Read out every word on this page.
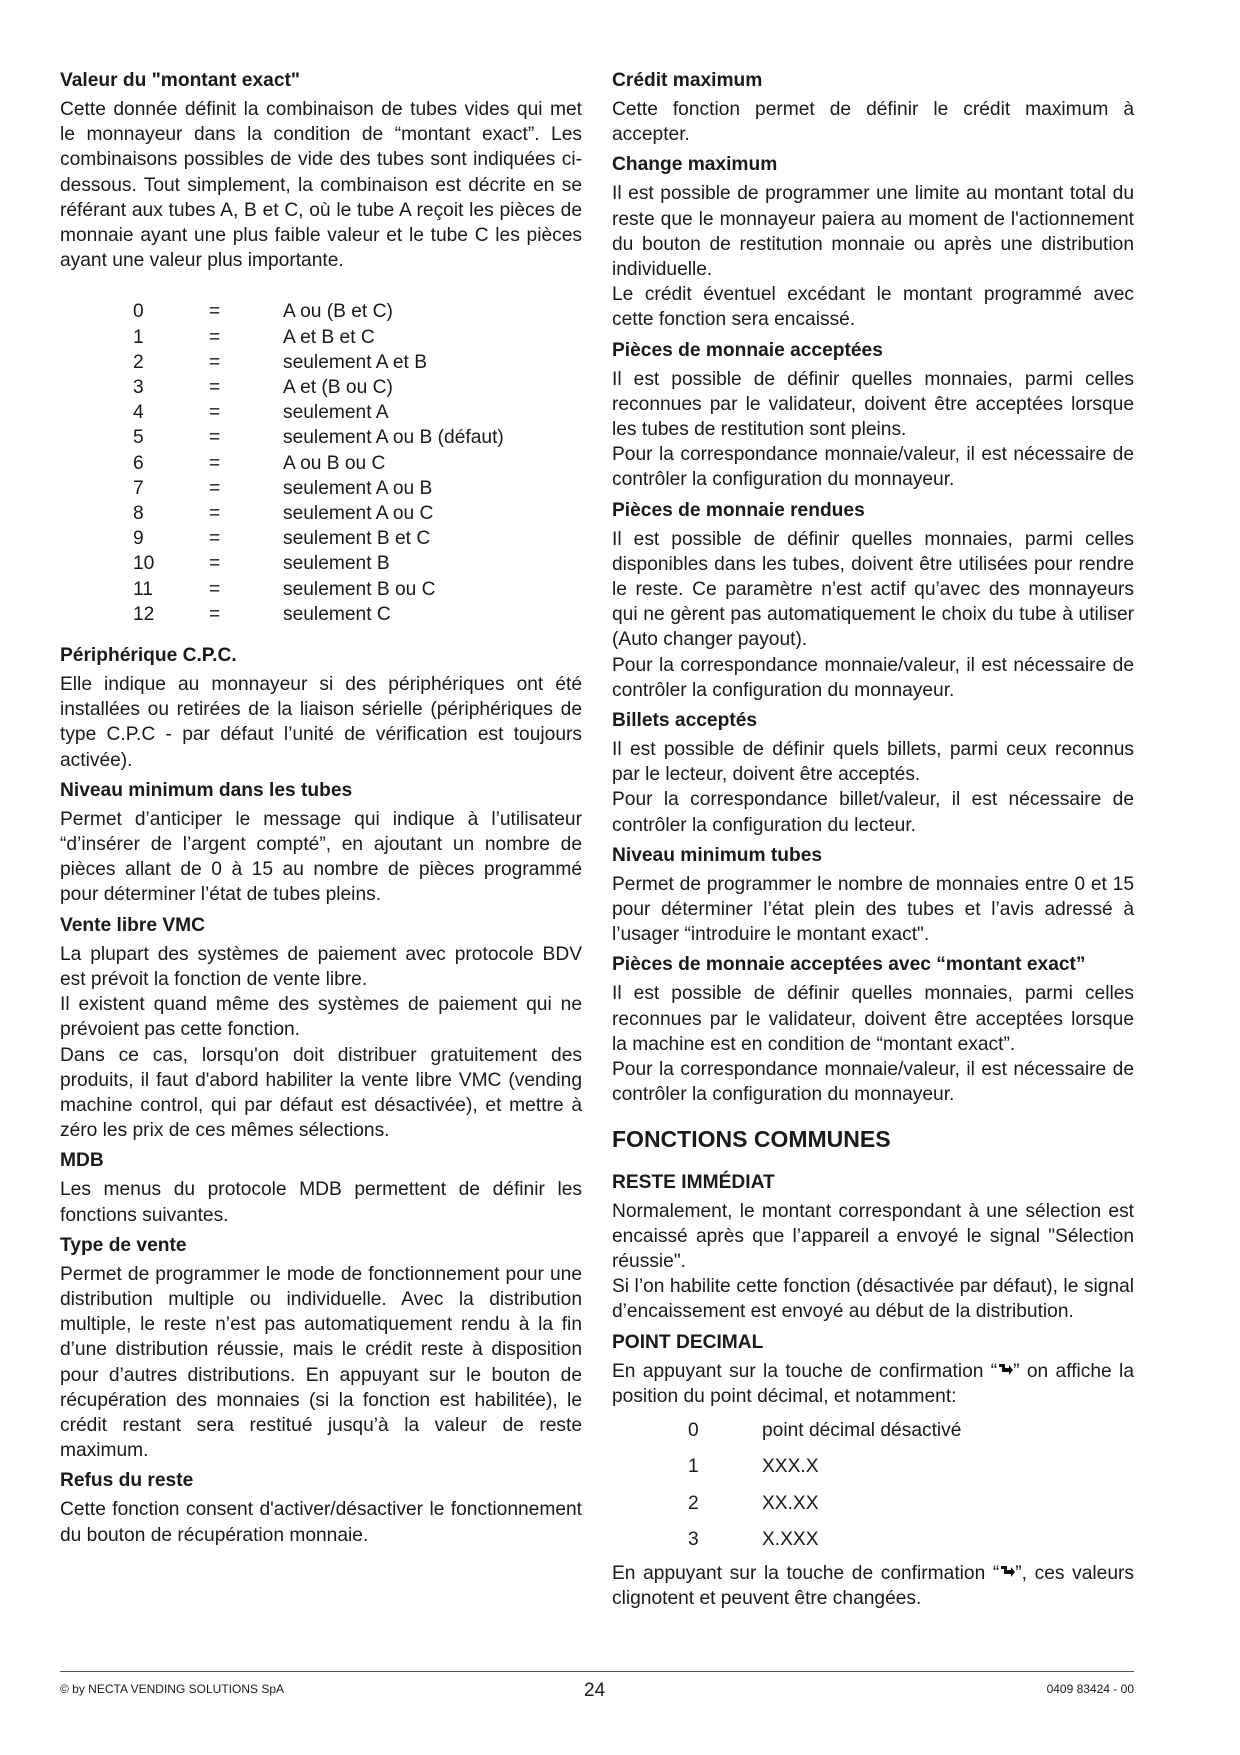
Valeur du "montant exact"

Cette donnée définit la combinaison de tubes vides qui met le monnayeur dans la condition de “montant exact”. Les combinaisons possibles de vide des tubes sont indiquées ci-dessous. Tout simplement, la combinaison est décrite en se référant aux tubes A, B et C, où le tube A reçoit les pièces de monnaie ayant une plus faible valeur et le tube C les pièces ayant une valeur plus importante.

0	=	A ou (B et C)
1	=	A et B et C
2	=	seulement A et B
3	=	A et (B ou C)
4	=	seulement A
5	=	seulement A ou B (défaut)
6	=	A ou B ou C
7	=	seulement A ou B
8	=	seulement A ou C
9	=	seulement B et C
10	=	seulement B
11	=	seulement B ou C
12	=	seulement C
Périphérique C.P.C.

Elle indique au monnayeur si des périphériques ont été installées ou retirées de la liaison sérielle (périphériques de type C.P.C - par défaut l’unité de vérification est toujours activée).

Niveau minimum dans les tubes

Permet d’anticiper le message qui indique à l’utilisateur “d’insérer de l’argent compté”, en ajoutant un nombre de pièces allant de 0 à 15 au nombre de pièces programmé pour déterminer l’état de tubes pleins.

Vente libre VMC

La plupart des systèmes de paiement avec protocole BDV est prévoit la fonction de vente libre.

Il existent quand même des systèmes de paiement qui ne prévoient pas cette fonction.

Dans ce cas, lorsqu'on doit distribuer gratuitement des produits, il faut d'abord habiliter la vente libre VMC (vending machine control, qui par défaut est désactivée), et mettre à zéro les prix de ces mêmes sélections.

MDB

Les menus du protocole MDB permettent de définir les fonctions suivantes.

Type de vente

Permet de programmer le mode de fonctionnement pour une distribution multiple ou individuelle. Avec la distribution multiple, le reste n’est pas automatiquement rendu à la fin d’une distribution réussie, mais le crédit reste à disposition pour d’autres distributions. En appuyant sur le bouton de récupération des monnaies (si la fonction est habilitée), le crédit restant sera restitué jusqu’à la valeur de reste maximum.

Refus du reste

Cette fonction consent d'activer/désactiver le fonctionnement du bouton de récupération monnaie.

Crédit maximum

Cette fonction permet de définir le crédit maximum à accepter.

Change maximum

Il est possible de programmer une limite au montant total du reste que le monnayeur paiera au moment de l'actionnement du bouton de restitution monnaie ou après une distribution individuelle.

Le crédit éventuel excédant le montant programmé avec cette fonction sera encaissé.

Pièces de monnaie acceptées

Il est possible de définir quelles monnaies, parmi celles reconnues par le validateur, doivent être acceptées lorsque les tubes de restitution sont pleins.

Pour la correspondance monnaie/valeur, il est nécessaire de contrôler la configuration du monnayeur.

Pièces de monnaie rendues

Il est possible de définir quelles monnaies, parmi celles disponibles dans les tubes, doivent être utilisées pour rendre le reste. Ce paramètre n’est actif qu’avec des monnayeurs qui ne gèrent pas automatiquement le choix du tube à utiliser (Auto changer payout).

Pour la correspondance monnaie/valeur, il est nécessaire de contrôler la configuration du monnayeur.

Billets acceptés

Il est possible de définir quels billets, parmi ceux reconnus par le lecteur, doivent être acceptés.

Pour la correspondance billet/valeur, il est nécessaire de contrôler la configuration du lecteur.

Niveau minimum tubes

Permet de programmer le nombre de monnaies entre 0 et 15 pour déterminer l’état plein des tubes et l’avis adressé à l’usager “introduire le montant exact".

Pièces de monnaie acceptées avec “montant exact”

Il est possible de définir quelles monnaies, parmi celles reconnues par le validateur, doivent être acceptées lorsque la machine est en condition de “montant exact”.

Pour la correspondance monnaie/valeur, il est nécessaire de contrôler la configuration du monnayeur.

FONCTIONS COMMUNES
RESTE IMMÉDIAT

Normalement, le montant correspondant à une sélection est encaissé après que l’appareil a envoyé le signal "Sélection réussie".

Si l’on habilite cette fonction (désactivée par défaut), le signal d’encaissement est envoyé au début de la distribution.

POINT DECIMAL

En appuyant sur la touche de confirmation “ ” on affiche la position du point décimal, et notamment:

0	point décimal désactivé
1	XXX.X
2	XX.XX
3	X.XXX

En appuyant sur la touche de confirmation “ ”, ces valeurs clignotent et peuvent être changées.

© by NECTA VENDING SOLUTIONS SpA	24	0409 83424 - 00
